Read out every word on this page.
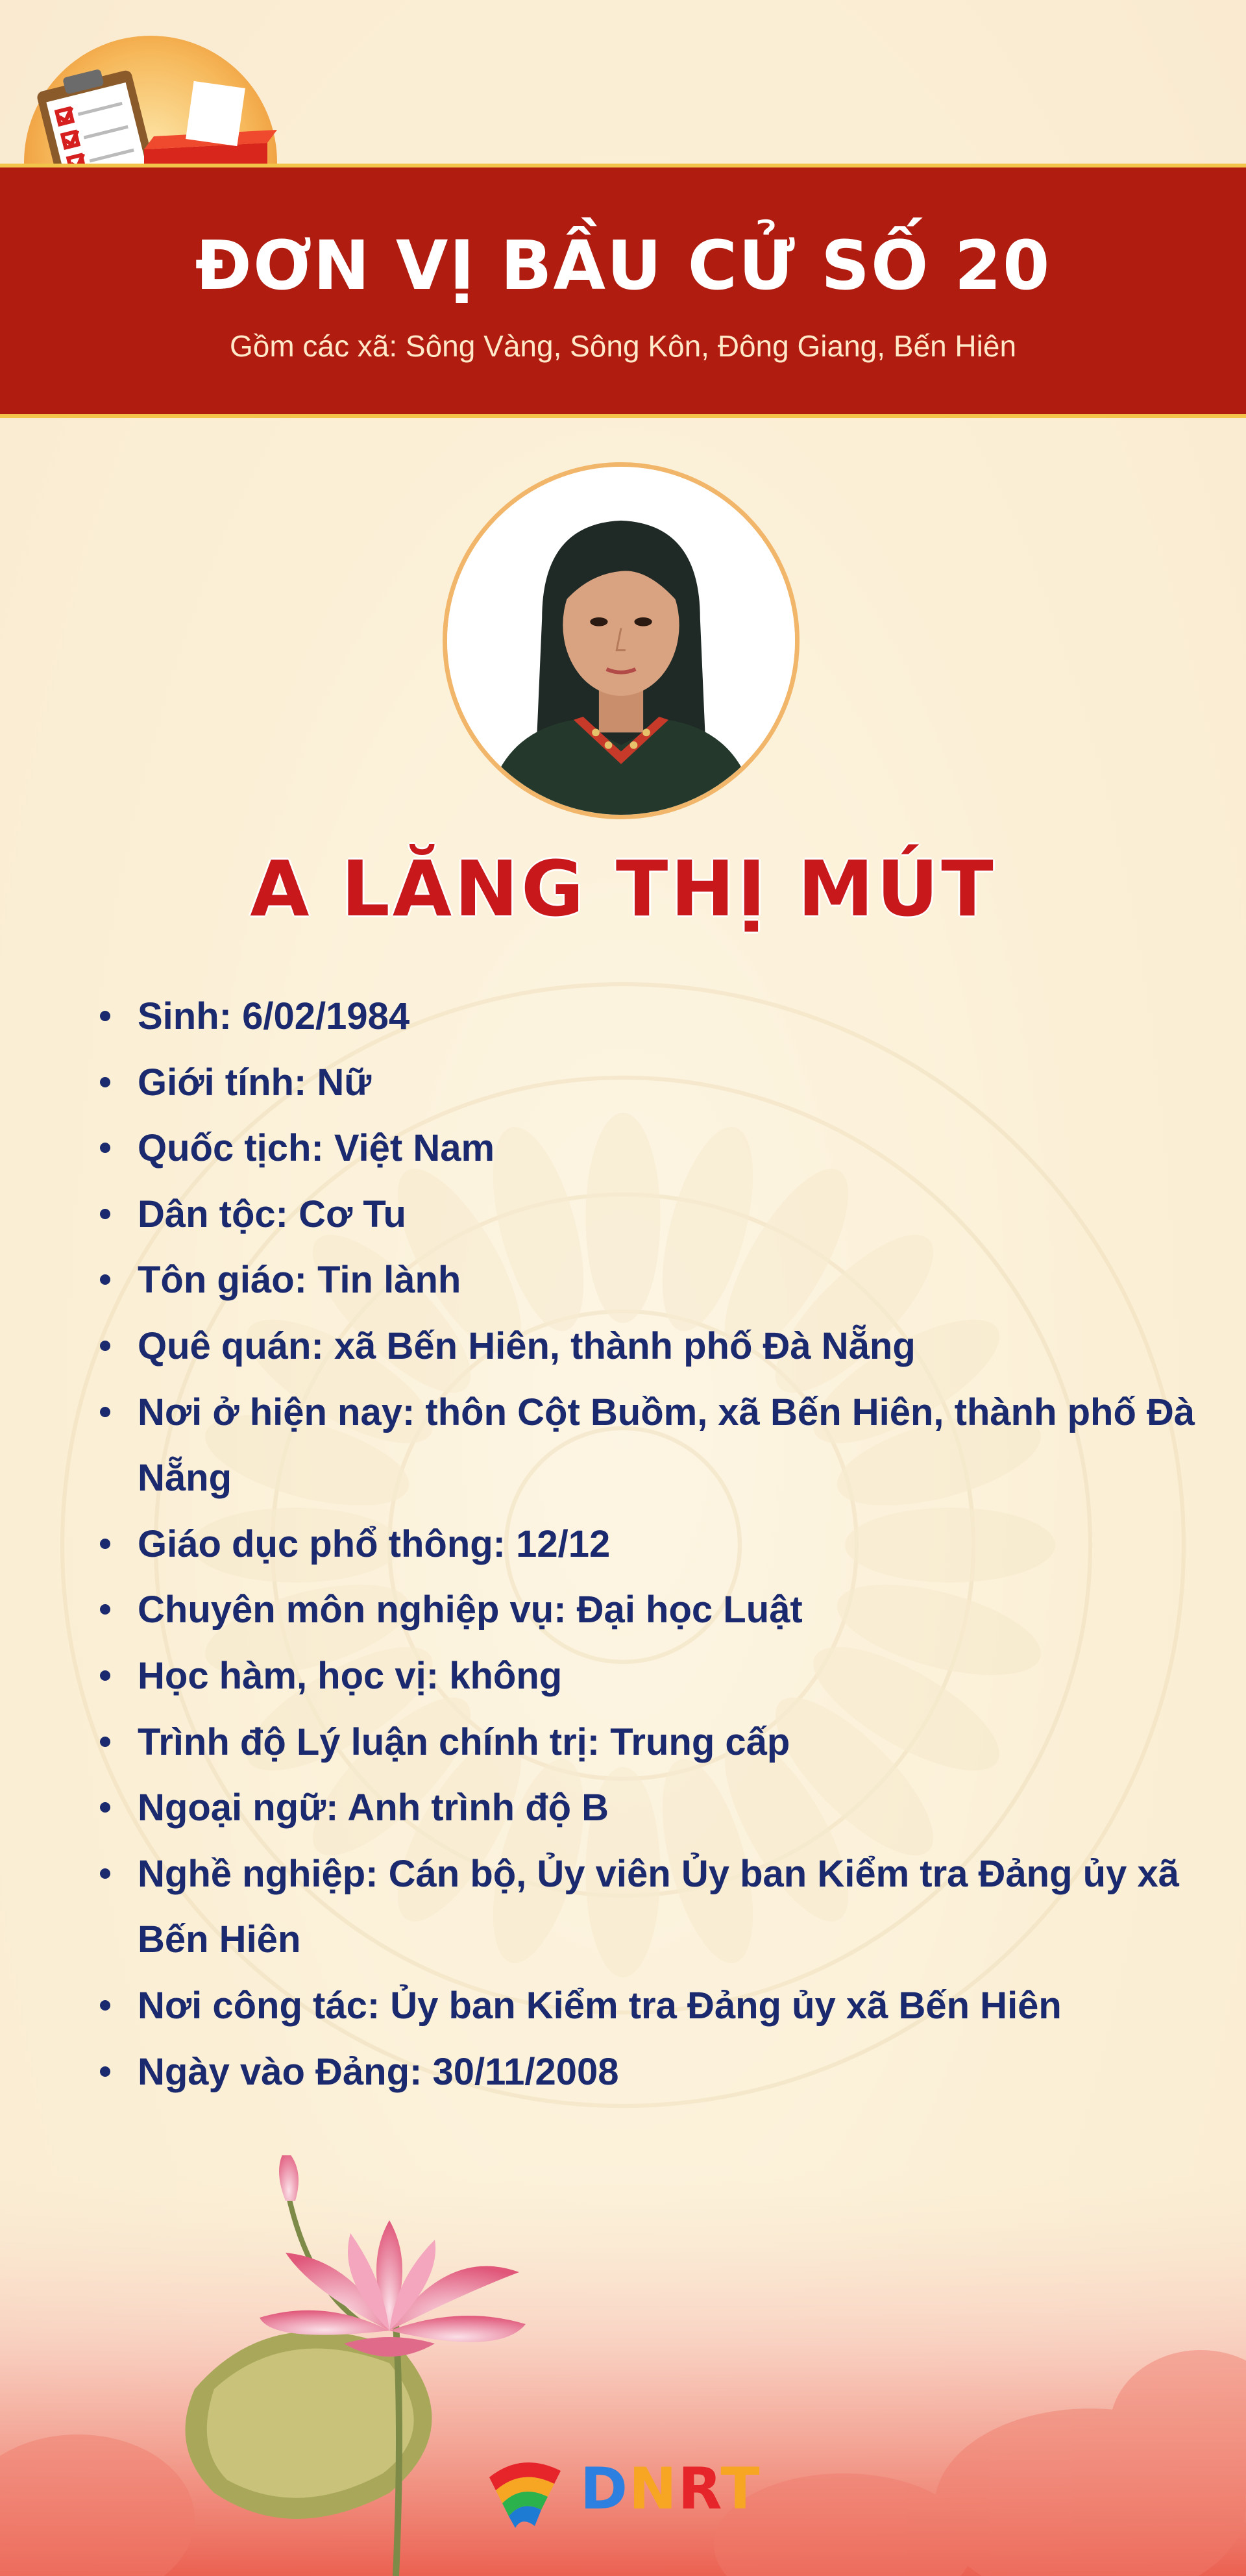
ĐƠN VỊ BẦU CỬ SỐ 20
Gồm các xã: Sông Vàng, Sông Kôn, Đông Giang, Bến Hiên
A LĂNG THỊ MÚT
Sinh: 6/02/1984
Giới tính: Nữ
Quốc tịch: Việt Nam
Dân tộc: Cơ Tu
Tôn giáo: Tin lành
Quê quán: xã Bến Hiên, thành phố Đà Nẵng
Nơi ở hiện nay: thôn Cột Buồm, xã Bến Hiên, thành phố Đà Nẵng
Giáo dục phổ thông: 12/12
Chuyên môn nghiệp vụ: Đại học Luật
Học hàm, học vị: không
Trình độ Lý luận chính trị: Trung cấp
Ngoại ngữ: Anh trình độ B
Nghề nghiệp: Cán bộ, Ủy viên Ủy ban Kiểm tra Đảng ủy xã Bến Hiên
Nơi công tác: Ủy ban Kiểm tra Đảng ủy xã Bến Hiên
Ngày vào Đảng: 30/11/2008
DNRT
